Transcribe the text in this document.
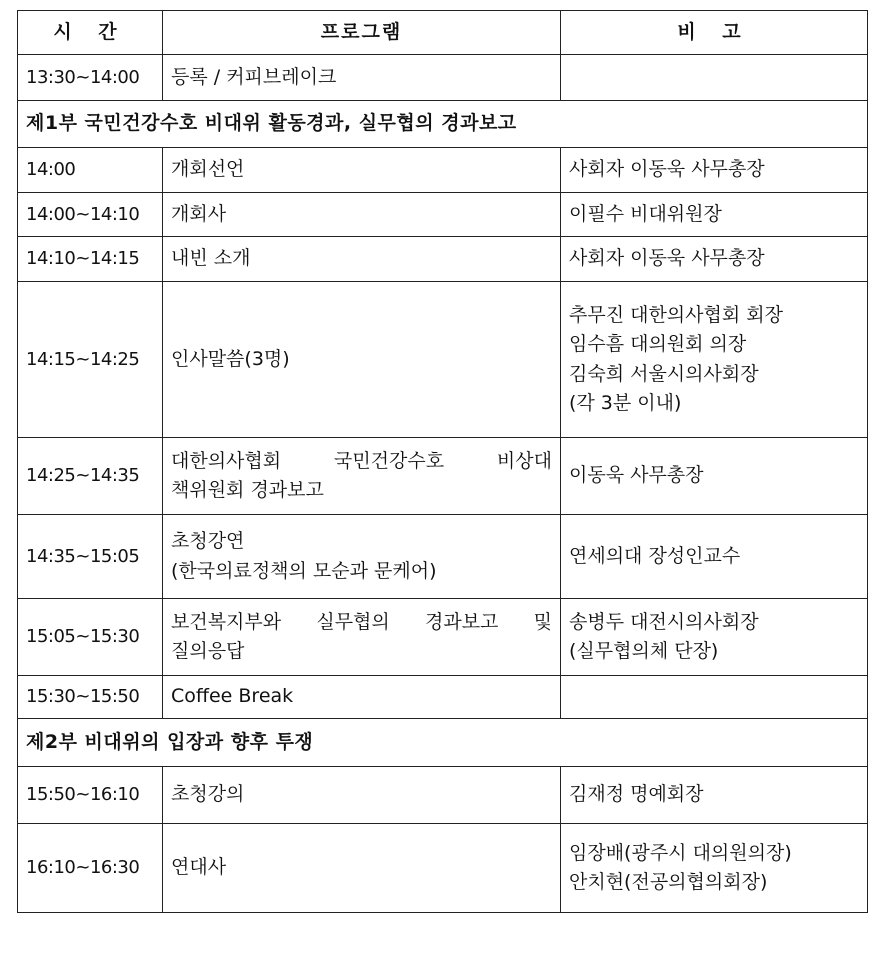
시 간	프로그램	비 고
13:30~14:00	등록 / 커피브레이크	

제1부 국민건강수호 비대위 활동경과, 실무협의 경과보고		
14:00	개회선언	사회자 이동욱 사무총장

14:00~14:10	개회사	이필수 비대위원장

14:10~14:15	내빈 소개	사회자 이동욱 사무총장

14:15~14:25	인사말씀(3명)	추무진 대한의사협회 회장
임수흠 대의원회 의장
김숙희 서울시의사회장
(각 3분 이내)

14:25~14:35	대한의사협회 국민건강수호 비상대
책위원회 경과보고	이동욱 사무총장

14:35~15:05	초청강연
(한국의료정책의 모순과 문케어)	연세의대 장성인교수

15:05~15:30	보건복지부와 실무협의 경과보고 및
질의응답	송병두 대전시의사회장
(실무협의체 단장)

15:30~15:50	Coffee Break	

제2부 비대위의 입장과 향후 투쟁		
15:50~16:10	초청강의	김재정 명예회장

16:10~16:30	연대사	임장배(광주시 대의원의장)
안치현(전공의협의회장)
